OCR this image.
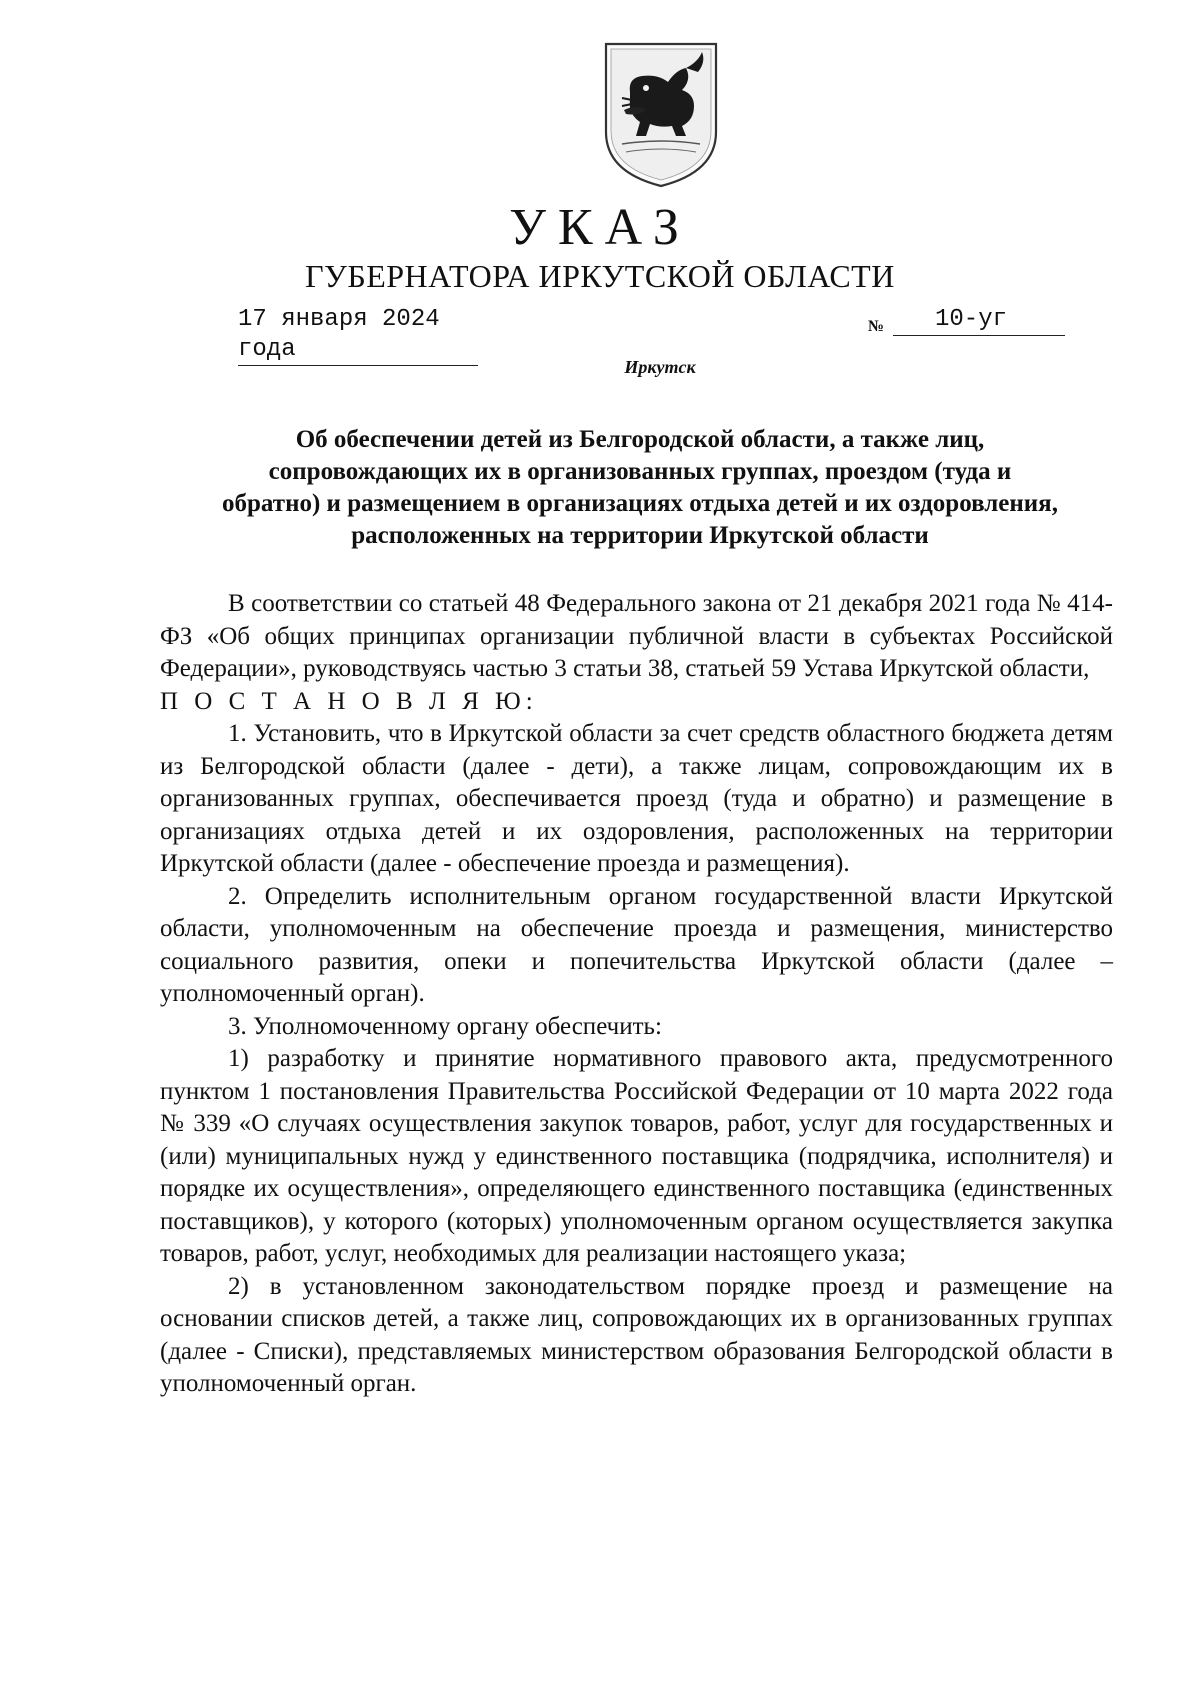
УКАЗ
ГУБЕРНАТОРА ИРКУТСКОЙ ОБЛАСТИ
17 января 2024 года
№	10-уг
Иркутск
Об обеспечении детей из Белгородской области, а также лиц,
сопровождающих их в организованных группах, проездом (туда и
обратно) и размещением в организациях отдыха детей и их оздоровления,
расположенных на территории Иркутской области

В соответствии со статьей 48 Федерального закона от 21 декабря 2021 года № 414-ФЗ «Об общих принципах организации публичной власти в субъектах Российской Федерации», руководствуясь частью 3 статьи 38, статьей 59 Устава Иркутской области,

П О С Т А Н О В Л Я Ю:

1. Установить, что в Иркутской области за счет средств областного бюджета детям из Белгородской области (далее - дети), а также лицам, сопровождающим их в организованных группах, обеспечивается проезд (туда и обратно) и размещение в организациях отдыха детей и их оздоровления, расположенных на территории Иркутской области (далее - обеспечение проезда и размещения).

2. Определить исполнительным органом государственной власти Иркутской области, уполномоченным на обеспечение проезда и размещения, министерство социального развития, опеки и попечительства Иркутской области (далее – уполномоченный орган).

3. Уполномоченному органу обеспечить:

1) разработку и принятие нормативного правового акта, предусмотренного пунктом 1 постановления Правительства Российской Федерации от 10 марта 2022 года № 339 «О случаях осуществления закупок товаров, работ, услуг для государственных и (или) муниципальных нужд у единственного поставщика (подрядчика, исполнителя) и порядке их осуществления», определяющего единственного поставщика (единственных поставщиков), у которого (которых) уполномоченным органом осуществляется закупка товаров, работ, услуг, необходимых для реализации настоящего указа;

2) в установленном законодательством порядке проезд и размещение на основании списков детей, а также лиц, сопровождающих их в организованных группах (далее - Списки), представляемых министерством образования Белгородской области в уполномоченный орган.
